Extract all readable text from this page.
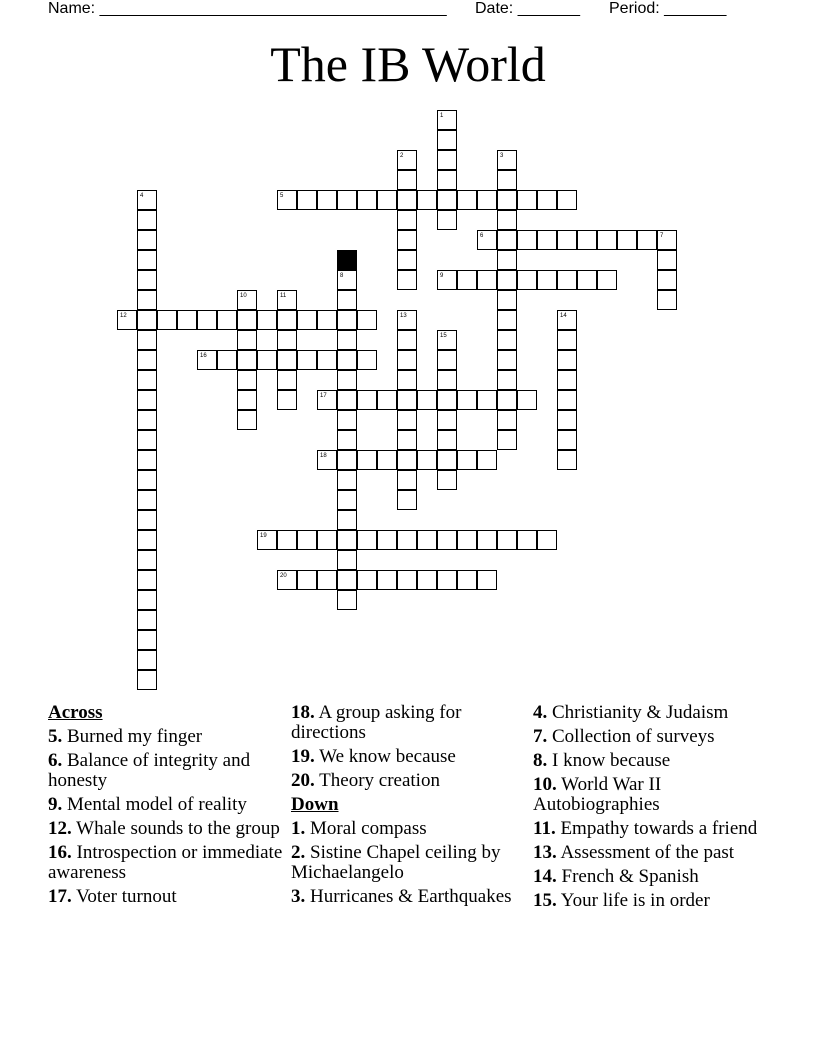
Name: _______________________________________

Date: _______

Period: _______

The IB World
1
2	3
4	5
6	7
8	9
10	11
12	13	14
15
16
17
18
19
20
Across
5. Burned my finger
6. Balance of integrity and honesty
9. Mental model of reality
12. Whale sounds to the group
16. Introspection or immediate awareness
17. Voter turnout
18. A group asking for directions
19. We know because
20. Theory creation
Down
1. Moral compass
2. Sistine Chapel ceiling by Michaelangelo
3. Hurricanes & Earthquakes
4. Christianity & Judaism
7. Collection of surveys
8. I know because
10. World War II Autobiographies
11. Empathy towards a friend
13. Assessment of the past
14. French & Spanish
15. Your life is in order
